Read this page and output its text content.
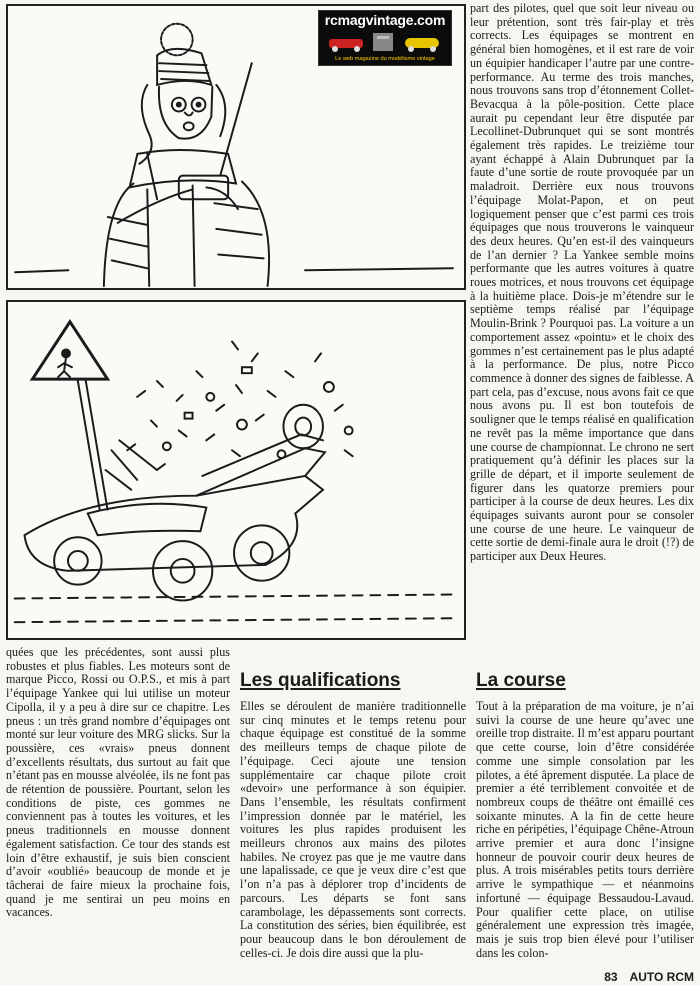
rcmagvintage.com
Le web magazine du modélisme vintage

part des pilotes, quel que soit leur niveau ou leur prétention, sont très fair-play et très corrects. Les équipages se montrent en général bien homogènes, et il est rare de voir un équipier handicaper l’autre par une contre-performance. Au terme des trois manches, nous trouvons sans trop d’étonnement Collet-Bevacqua à la pôle-position. Cette place aurait pu cependant leur être disputée par Lecollinet-Dubrunquet qui se sont montrés également très rapides. Le treizième tour ayant échappé à Alain Dubrunquet par la faute d’une sortie de route provoquée par un maladroit. Derrière eux nous trouvons l’équipage Molat-Papon, et on peut logiquement penser que c’est parmi ces trois équipages que nous trouverons le vainqueur des deux heures. Qu’en est-il des vainqueurs de l’an dernier ? La Yankee semble moins performante que les autres voitures à quatre roues motrices, et nous trouvons cet équipage à la huitième place. Dois-je m’étendre sur le septième temps réalisé par l’équipage Moulin-Brink ? Pourquoi pas. La voiture a un comportement assez «pointu» et le choix des gommes n’est certainement pas le plus adapté à la performance. De plus, notre Picco commence à donner des signes de faiblesse. A part cela, pas d’excuse, nous avons fait ce que nous avons pu. Il est bon toutefois de souligner que le temps réalisé en qualification ne revêt pas la même importance que dans une course de championnat. Le chrono ne sert pratiquement qu’à définir les places sur la grille de départ, et il importe seulement de figurer dans les quatorze premiers pour participer à la course de deux heures. Les dix équipages suivants auront pour se consoler une course de une heure. Le vainqueur de cette sortie de demi-finale aura le droit (!?) de participer aux Deux Heures.

quées que les précédentes, sont aussi plus robustes et plus fiables. Les moteurs sont de marque Picco, Rossi ou O.P.S., et mis à part l’équipage Yankee qui lui utilise un moteur Cipolla, il y a peu à dire sur ce chapitre. Les pneus : un très grand nombre d’équipages ont monté sur leur voiture des MRG slicks. Sur la poussière, ces «vrais» pneus donnent d’excellents résultats, dus surtout au fait que n’étant pas en mousse alvéolée, ils ne font pas de rétention de poussière. Pourtant, selon les conditions de piste, ces gommes ne conviennent pas à toutes les voitures, et les pneus traditionnels en mousse donnent également satisfaction. Ce tour des stands est loin d’être exhaustif, je suis bien conscient d’avoir «oublié» beaucoup de monde et je tâcherai de faire mieux la prochaine fois, quand je me sentirai un peu moins en vacances.

Les qualifications

Elles se déroulent de manière traditionnelle sur cinq minutes et le temps retenu pour chaque équipage est constitué de la somme des meilleurs temps de chaque pilote de l’équipage. Ceci ajoute une tension supplémentaire car chaque pilote croit «devoir» une performance à son équipier. Dans l’ensemble, les résultats confirment l’impression donnée par le matériel, les voitures les plus rapides produisent les meilleurs chronos aux mains des pilotes habiles. Ne croyez pas que je me vautre dans une lapalissade, ce que je veux dire c’est que l’on n’a pas à déplorer trop d’incidents de parcours. Les départs se font sans carambolage, les dépassements sont corrects. La constitution des séries, bien équilibrée, est pour beaucoup dans le bon déroulement de celles-ci. Je dois dire aussi que la plu-

La course

Tout à la préparation de ma voiture, je n’ai suivi la course de une heure qu’avec une oreille trop distraite. Il m’est apparu pourtant que cette course, loin d’être considérée comme une simple consolation par les pilotes, a été âprement disputée. La place de premier a été terriblement convoitée et de nombreux coups de théâtre ont émaillé ces soixante minutes. A la fin de cette heure riche en péripéties, l’équipage Chêne-Atroun arrive premier et aura donc l’insigne honneur de pouvoir courir deux heures de plus. A trois misérables petits tours derrière arrive le sympathique — et néanmoins infortuné — équipage Bessaudou-Lavaud. Pour qualifier cette place, on utilise généralement une expression très imagée, mais je suis trop bien élevé pour l’utiliser dans les colon-

83 AUTO RCM
